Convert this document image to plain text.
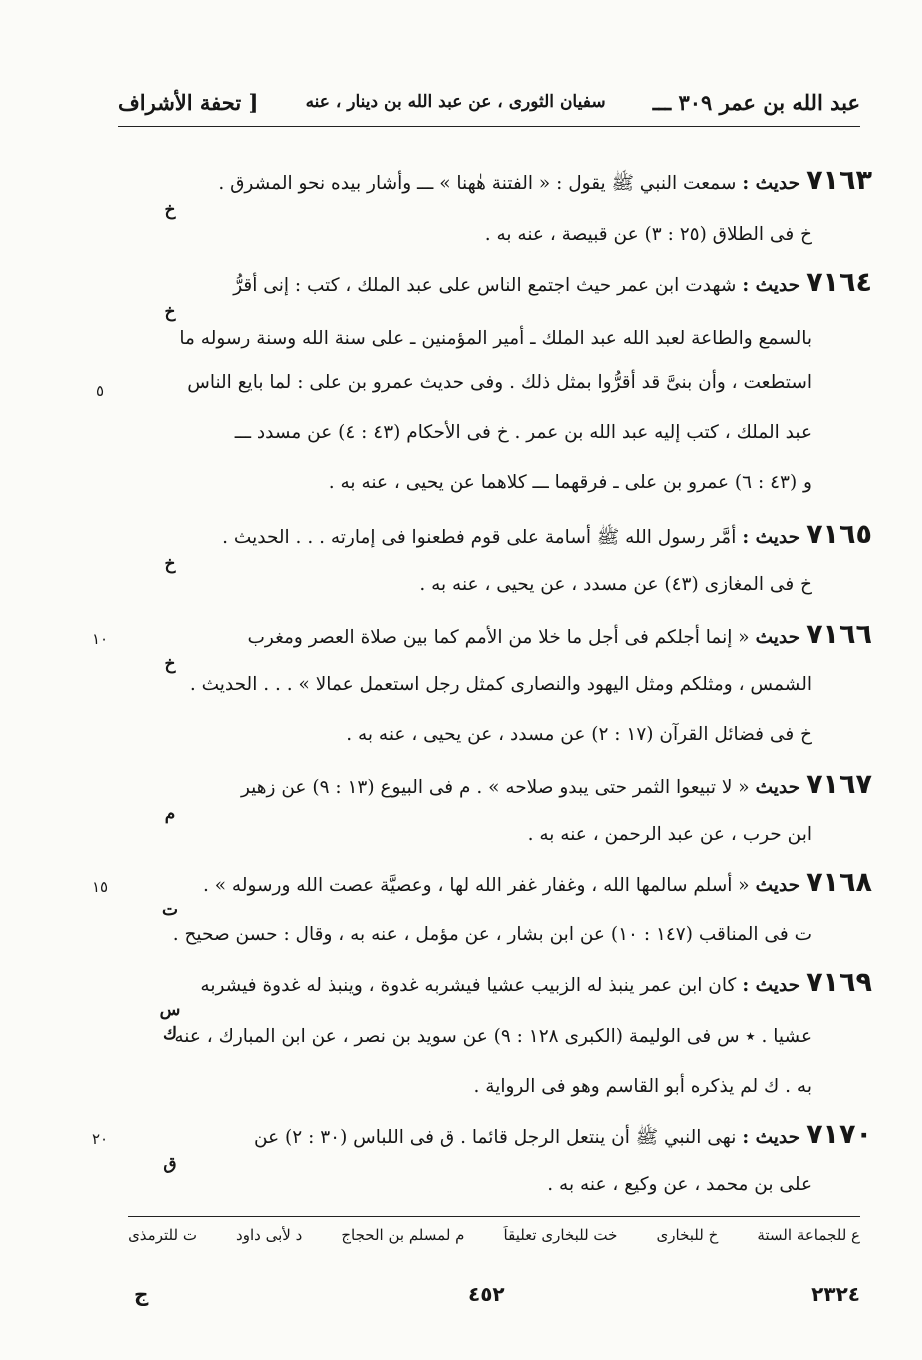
عبد الله بن عمر ٣٠٩ ـــ
سفيان الثورى ، عن عبد الله بن دينار ، عنه
[ تحفة الأشراف
٧١٦٣حديث :سمعت النبي ﷺ يقول : « الفتنة هٰهنا » ـــ وأشار بيده نحو المشرق .
خ
خ فى الطلاق (٢٥ : ٣) عن قبيصة ، عنه به .
٧١٦٤حديث :شهدت ابن عمر حيث اجتمع الناس على عبد الملك ، كتب : إنى أقرُّ
خ
بالسمع والطاعة لعبد الله عبد الملك ـ أمير المؤمنين ـ على سنة الله وسنة رسوله ما
استطعت ، وأن بنىَّ قد أقرُّوا بمثل ذلك . وفى حديث عمرو بن على : لما بايع الناس
عبد الملك ، كتب إليه عبد الله بن عمر . خ فى الأحكام (٤٣ : ٤) عن مسدد ـــ
و (٤٣ : ٦) عمرو بن على ـ فرقهما ـــ كلاهما عن يحيى ، عنه به .
٧١٦٥حديث :أمَّر رسول الله ﷺ أسامة على قوم فطعنوا فى إمارته . . . الحديث .
خ
خ فى المغازى (٤٣) عن مسدد ، عن يحيى ، عنه به .
٧١٦٦حديث« إنما أجلكم فى أجل ما خلا من الأمم كما بين صلاة العصر ومغرب
خ
الشمس ، ومثلكم ومثل اليهود والنصارى كمثل رجل استعمل عمالا » . . . الحديث .
خ فى فضائل القرآن (١٧ : ٢) عن مسدد ، عن يحيى ، عنه به .
٧١٦٧حديث« لا تبيعوا الثمر حتى يبدو صلاحه » . م فى البيوع (١٣ : ٩) عن زهير
م
ابن حرب ، عن عبد الرحمن ، عنه به .
٧١٦٨حديث« أسلم سالمها الله ، وغفار غفر الله لها ، وعصيَّة عصت الله ورسوله » .
ت
ت فى المناقب (١٤٧ : ١٠) عن ابن بشار ، عن مؤمل ، عنه به ، وقال : حسن صحيح .
٧١٦٩حديث :كان ابن عمر ينبذ له الزبيب عشيا فيشربه غدوة ، وينبذ له غدوة فيشربه
س
ك
عشيا . ٭ س فى الوليمة (الكبرى ١٢٨ : ٩) عن سويد بن نصر ، عن ابن المبارك ، عنه
به . ك لم يذكره أبو القاسم وهو فى الرواية .
٧١٧٠حديث :نهى النبي ﷺ أن ينتعل الرجل قائما . ق فى اللباس (٣٠ : ٢) عن
ق
على بن محمد ، عن وكيع ، عنه به .
٥
١٠
١٥
٢٠
ع للجماعة الستة
خ للبخارى
خت للبخارى تعليقاً
م لمسلم بن الحجاج
د لأبى داود
ت للترمذى
٢٣٢٤
٤٥٢
ج
